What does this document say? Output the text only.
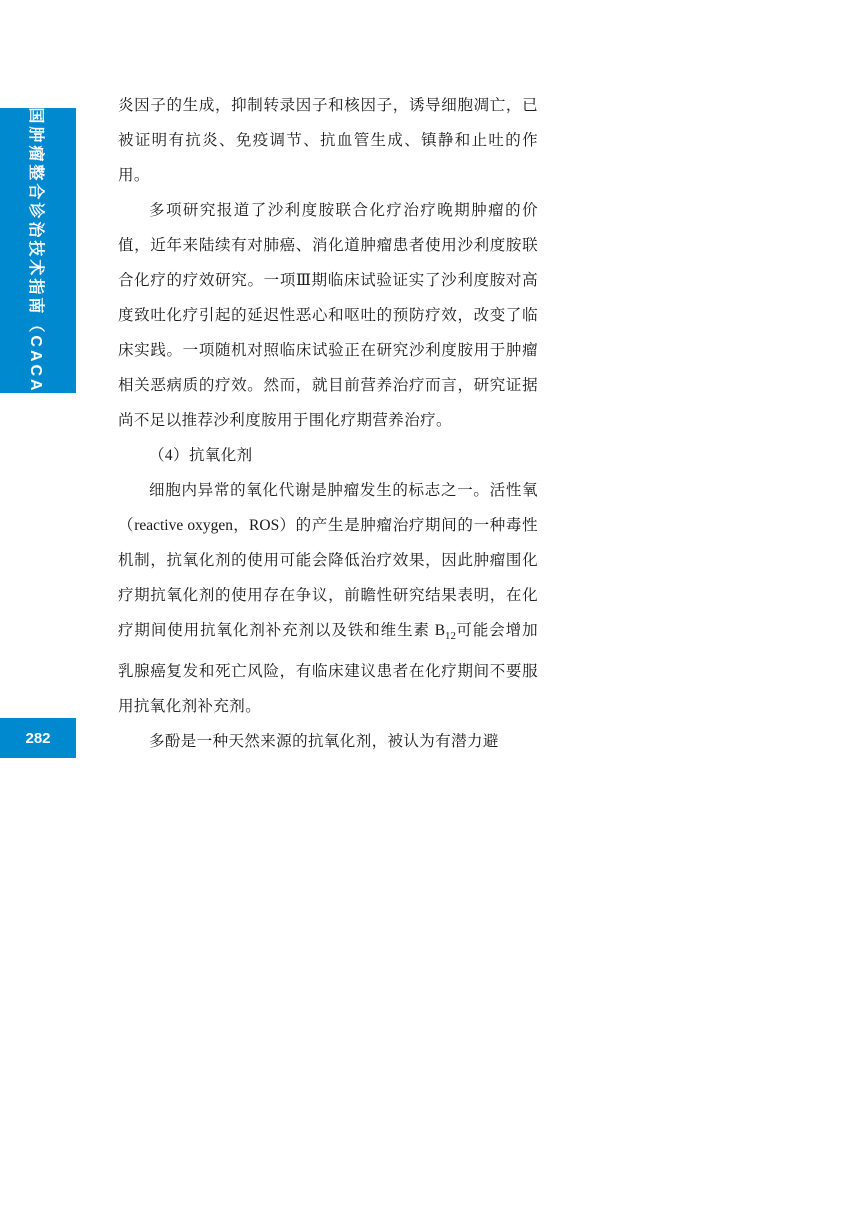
中国肿瘤整合诊治技术指南（CACA）
282

炎因子的生成，抑制转录因子和核因子，诱导细胞凋亡，已被证明有抗炎、免疫调节、抗血管生成、镇静和止吐的作用。

多项研究报道了沙利度胺联合化疗治疗晚期肿瘤的价值，近年来陆续有对肺癌、消化道肿瘤患者使用沙利度胺联合化疗的疗效研究。一项Ⅲ期临床试验证实了沙利度胺对高度致吐化疗引起的延迟性恶心和呕吐的预防疗效，改变了临床实践。一项随机对照临床试验正在研究沙利度胺用于肿瘤相关恶病质的疗效。然而，就目前营养治疗而言，研究证据尚不足以推荐沙利度胺用于围化疗期营养治疗。

（4）抗氧化剂

细胞内异常的氧化代谢是肿瘤发生的标志之一。活性氧（reactive oxygen，ROS）的产生是肿瘤治疗期间的一种毒性机制，抗氧化剂的使用可能会降低治疗效果，因此肿瘤围化疗期抗氧化剂的使用存在争议，前瞻性研究结果表明，在化疗期间使用抗氧化剂补充剂以及铁和维生素 $B_{12}$可能会增加乳腺癌复发和死亡风险，有临床建议患者在化疗期间不要服用抗氧化剂补充剂。

多酚是一种天然来源的抗氧化剂，被认为有潜力避
